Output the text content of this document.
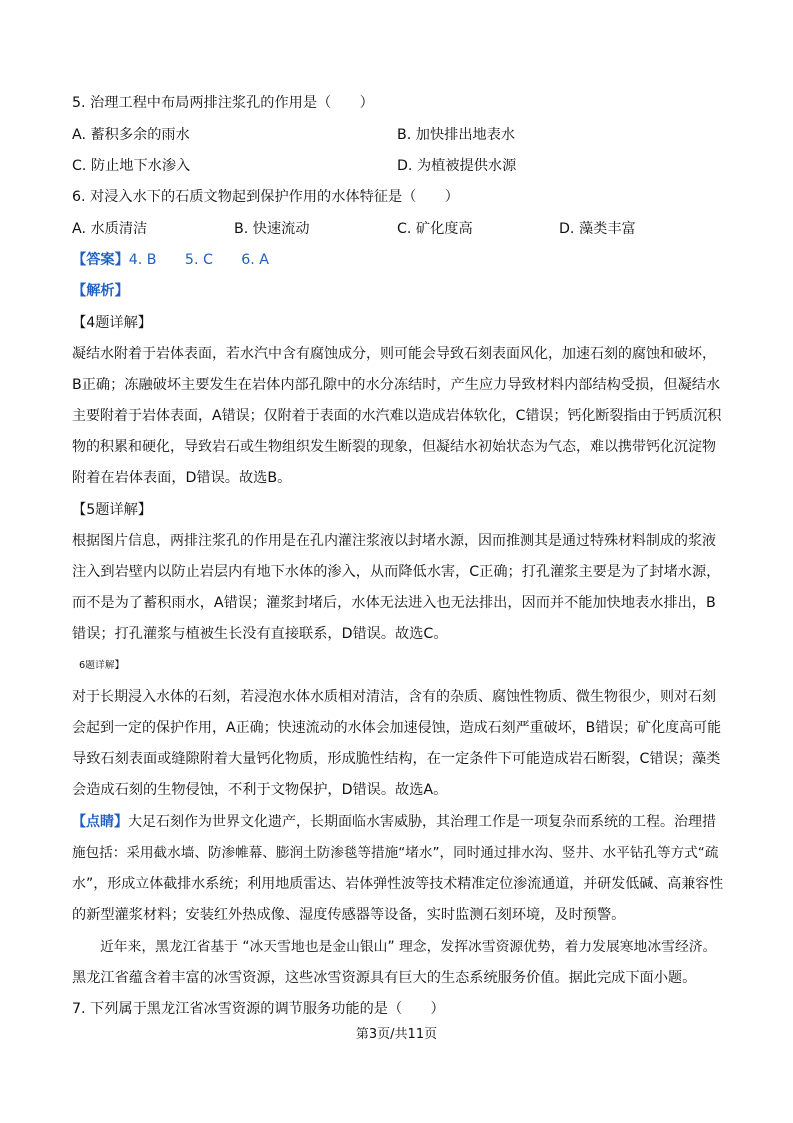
5. 治理工程中布局两排注浆孔的作用是（　　）
A. 蓄积多余的雨水	B. 加快排出地表水
C. 防止地下水渗入	D. 为植被提供水源
6. 对浸入水下的石质文物起到保护作用的水体特征是（　　）
A. 水质清洁	B. 快速流动	C. 矿化度高	D. 藻类丰富
【答案】4. B　　5. C　　6. A
【解析】
【4题详解】
凝结水附着于岩体表面，若水汽中含有腐蚀成分，则可能会导致石刻表面风化，加速石刻的腐蚀和破坏，
B正确；冻融破坏主要发生在岩体内部孔隙中的水分冻结时，产生应力导致材料内部结构受损，但凝结水
主要附着于岩体表面，A错误；仅附着于表面的水汽难以造成岩体软化，C错误；钙化断裂指由于钙质沉积
物的积累和硬化，导致岩石或生物组织发生断裂的现象，但凝结水初始状态为气态，难以携带钙化沉淀物
附着在岩体表面，D错误。故选B。
【5题详解】
根据图片信息，两排注浆孔的作用是在孔内灌注浆液以封堵水源，因而推测其是通过特殊材料制成的浆液
注入到岩壁内以防止岩层内有地下水体的渗入，从而降低水害，C正确；打孔灌浆主要是为了封堵水源，
而不是为了蓄积雨水，A错误；灌浆封堵后，水体无法进入也无法排出，因而并不能加快地表水排出，B
错误；打孔灌浆与植被生长没有直接联系，D错误。故选C。
6题详解】
对于长期浸入水体的石刻，若浸泡水体水质相对清洁，含有的杂质、腐蚀性物质、微生物很少，则对石刻
会起到一定的保护作用，A正确；快速流动的水体会加速侵蚀，造成石刻严重破坏，B错误；矿化度高可能
导致石刻表面或缝隙附着大量钙化物质，形成脆性结构，在一定条件下可能造成岩石断裂，C错误；藻类
会造成石刻的生物侵蚀，不利于文物保护，D错误。故选A。
【点睛】大足石刻作为世界文化遗产，长期面临水害威胁，其治理工作是一项复杂而系统的工程。治理措
施包括：采用截水墙、防渗帷幕、膨润土防渗毯等措施“堵水”，同时通过排水沟、竖井、水平钻孔等方式“疏
水”，形成立体截排水系统；利用地质雷达、岩体弹性波等技术精准定位渗流通道，并研发低碱、高兼容性
的新型灌浆材料；安装红外热成像、湿度传感器等设备，实时监测石刻环境，及时预警。
近年来，黑龙江省基于 “冰天雪地也是金山银山” 理念，发挥冰雪资源优势，着力发展寒地冰雪经济。
黑龙江省蕴含着丰富的冰雪资源，这些冰雪资源具有巨大的生态系统服务价值。据此完成下面小题。
7. 下列属于黑龙江省冰雪资源的调节服务功能的是（　　）
第3页/共11页
